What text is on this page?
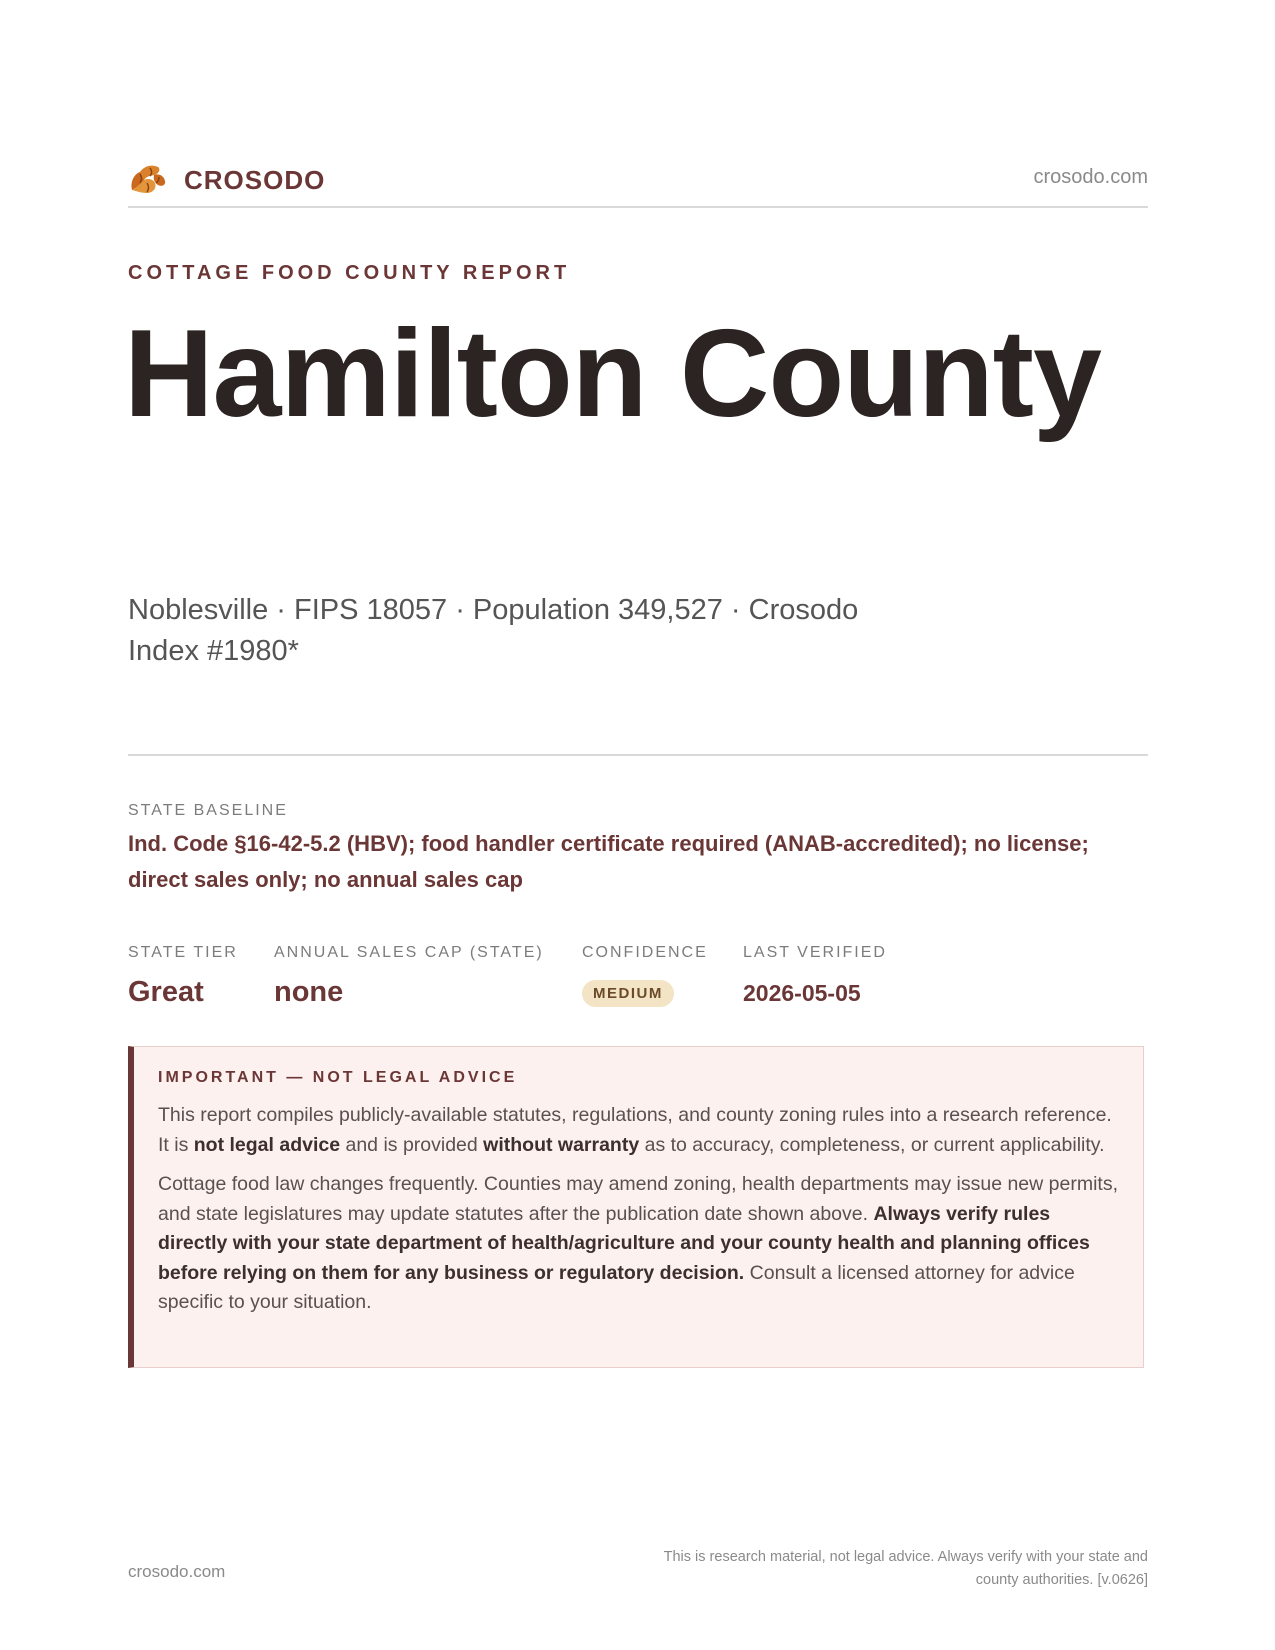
CROSODO	crosodo.com
COTTAGE FOOD COUNTY REPORT
Hamilton County
Noblesville · FIPS 18057 · Population 349,527 · Crosodo Index #1980*
STATE BASELINE
Ind. Code §16-42-5.2 (HBV); food handler certificate required (ANAB-accredited); no license; direct sales only; no annual sales cap
STATE TIER
Great
ANNUAL SALES CAP (STATE)
none
CONFIDENCE
MEDIUM
LAST VERIFIED
2026-05-05
IMPORTANT — NOT LEGAL ADVICE

This report compiles publicly-available statutes, regulations, and county zoning rules into a research reference. It is not legal advice and is provided without warranty as to accuracy, completeness, or current applicability.

Cottage food law changes frequently. Counties may amend zoning, health departments may issue new permits, and state legislatures may update statutes after the publication date shown above. Always verify rules directly with your state department of health/agriculture and your county health and planning offices before relying on them for any business or regulatory decision. Consult a licensed attorney for advice specific to your situation.

crosodo.com
This is research material, not legal advice. Always verify with your state and county authorities. [v.0626]
